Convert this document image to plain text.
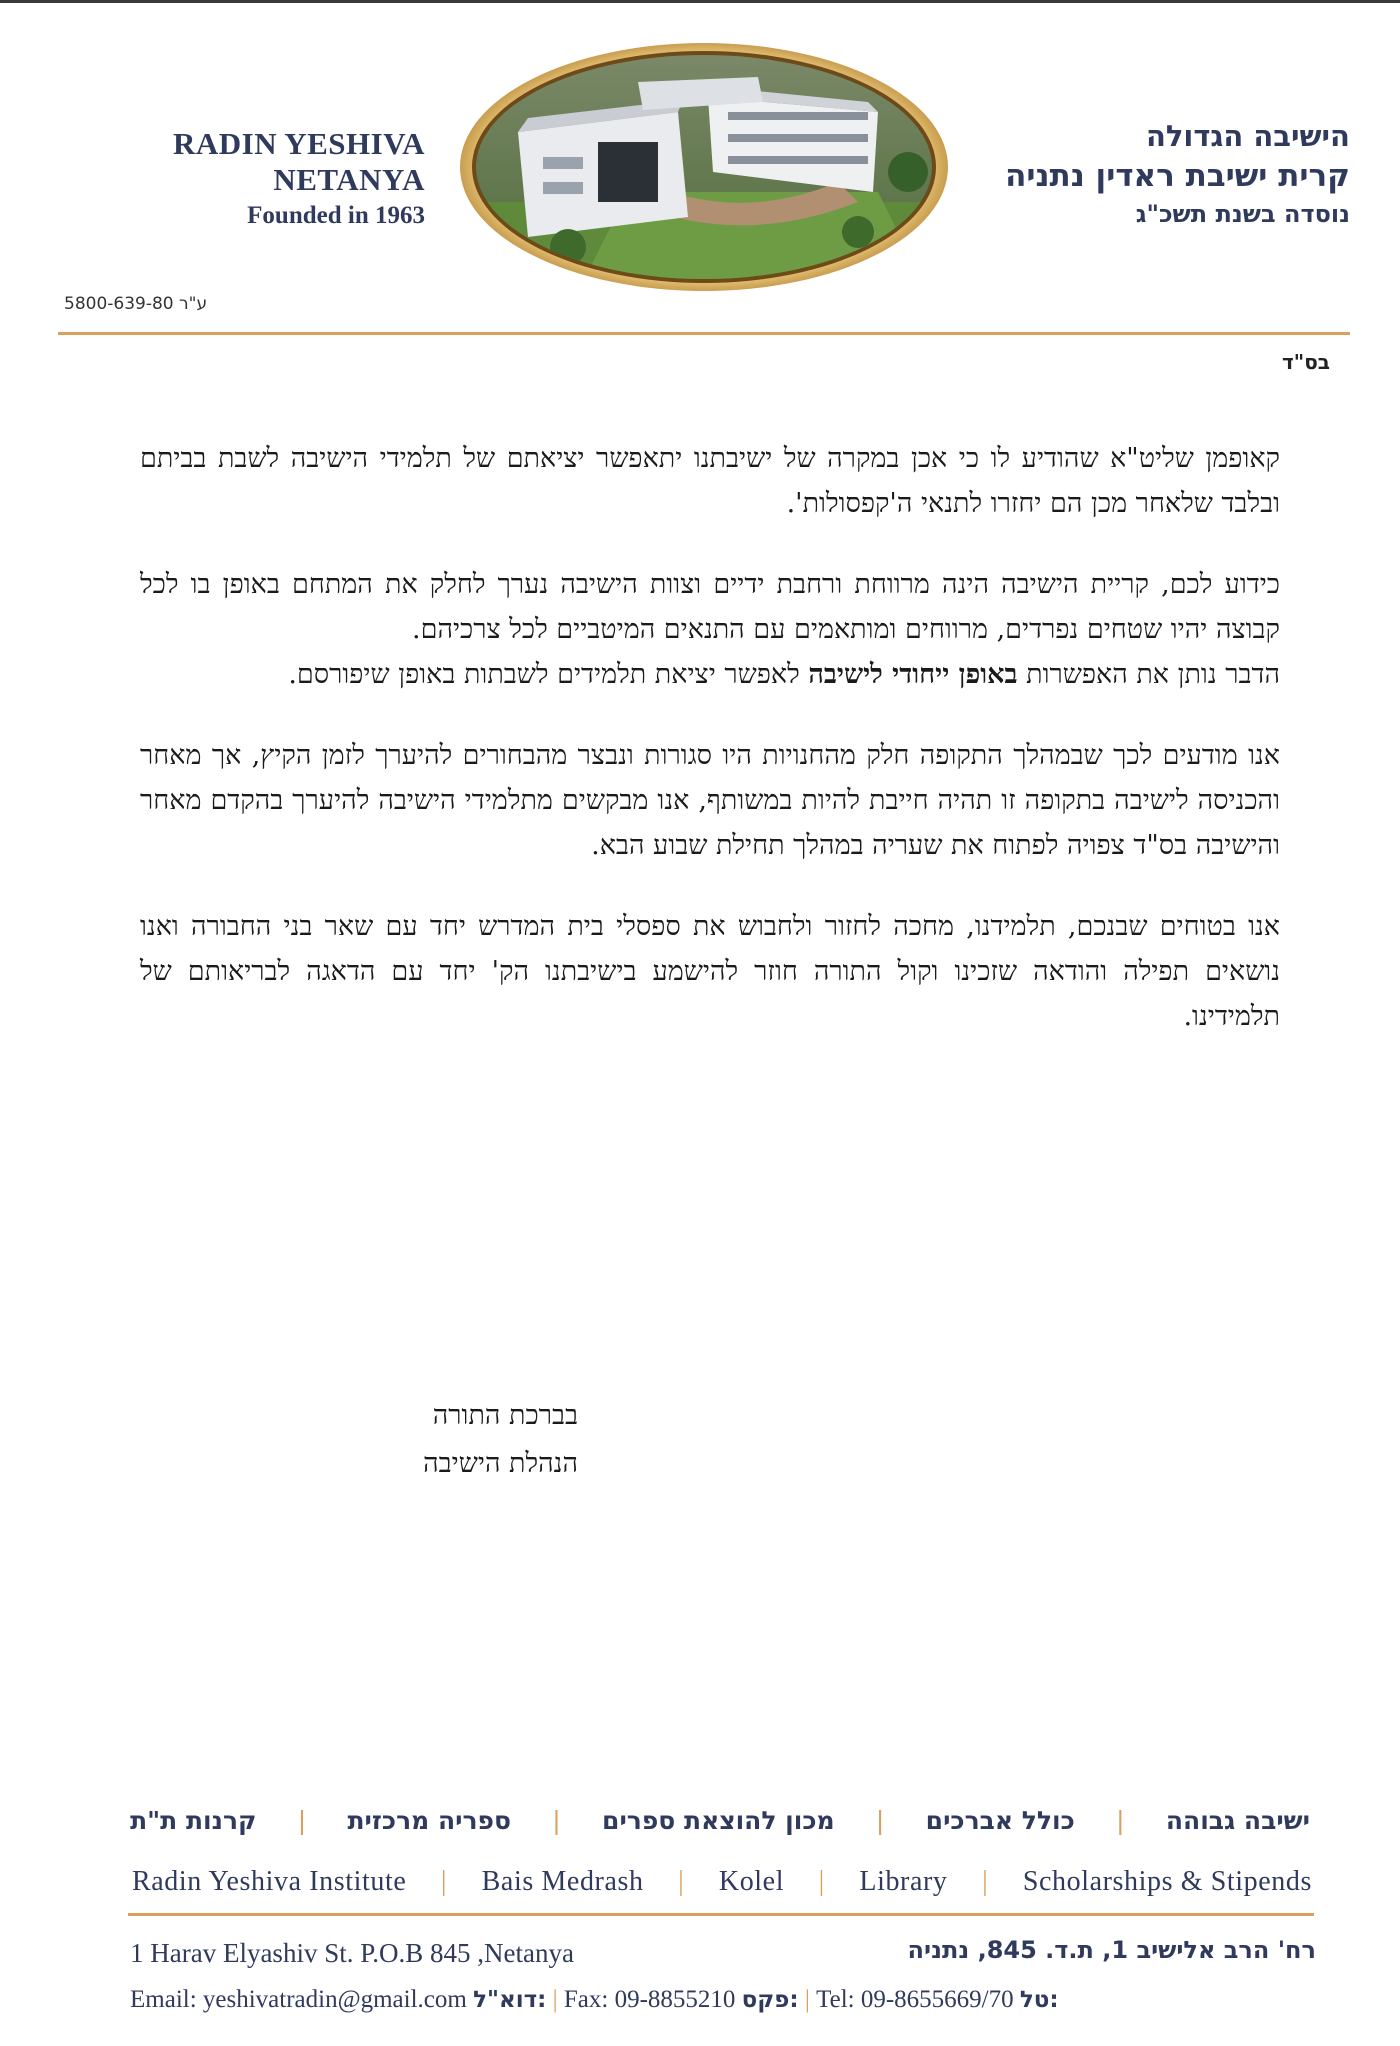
RADIN YESHIVA
NETANYA
Founded in 1963
הישיבה הגדולה
קרית ישיבת ראדין נתניה
נוסדה בשנת תשכ"ג
ע"ר 5800-639-80
בס"ד

קאופמן שליט"א שהודיע לו כי אכן במקרה של ישיבתנו יתאפשר יציאתם של תלמידי הישיבה לשבת בביתם ובלבד שלאחר מכן הם יחזרו לתנאי ה'קפסולות'.

כידוע לכם, קריית הישיבה הינה מרווחת ורחבת ידיים וצוות הישיבה נערך לחלק את המתחם באופן בו לכל קבוצה יהיו שטחים נפרדים, מרווחים ומותאמים עם התנאים המיטביים לכל צרכיהם.

הדבר נותן את האפשרות באופן ייחודי לישיבה לאפשר יציאת תלמידים לשבתות באופן שיפורסם.

אנו מודעים לכך שבמהלך התקופה חלק מהחנויות היו סגורות ונבצר מהבחורים להיערך לזמן הקיץ, אך מאחר והכניסה לישיבה בתקופה זו תהיה חייבת להיות במשותף, אנו מבקשים מתלמידי הישיבה להיערך בהקדם מאחר והישיבה בס"ד צפויה לפתוח את שעריה במהלך תחילת שבוע הבא.

אנו בטוחים שבנכם, תלמידנו, מחכה לחזור ולחבוש את ספסלי בית המדרש יחד עם שאר בני החבורה ואנו נושאים תפילה והודאה שזכינו וקול התורה חוזר להישמע בישיבתנו הק' יחד עם הדאגה לבריאותם של תלמידינו.

בברכת התורה
הנהלת הישיבה
ישיבה גבוהה
|
כולל אברכים
|
מכון להוצאת ספרים
|
ספריה מרכזית
|
קרנות ת"ת
Radin Yeshiva Institute | Bais Medrash | Kolel | Library | Scholarships & Stipends
1 Harav Elyashiv St. P.O.B 845 ,Netanya	רח' הרב אלישיב 1, ת.ד. 845, נתניה
Email: yeshivatradin@gmail.com דוא"ל: | Fax: 09-8855210 פקס: | Tel: 09-8655669/70 טל:
